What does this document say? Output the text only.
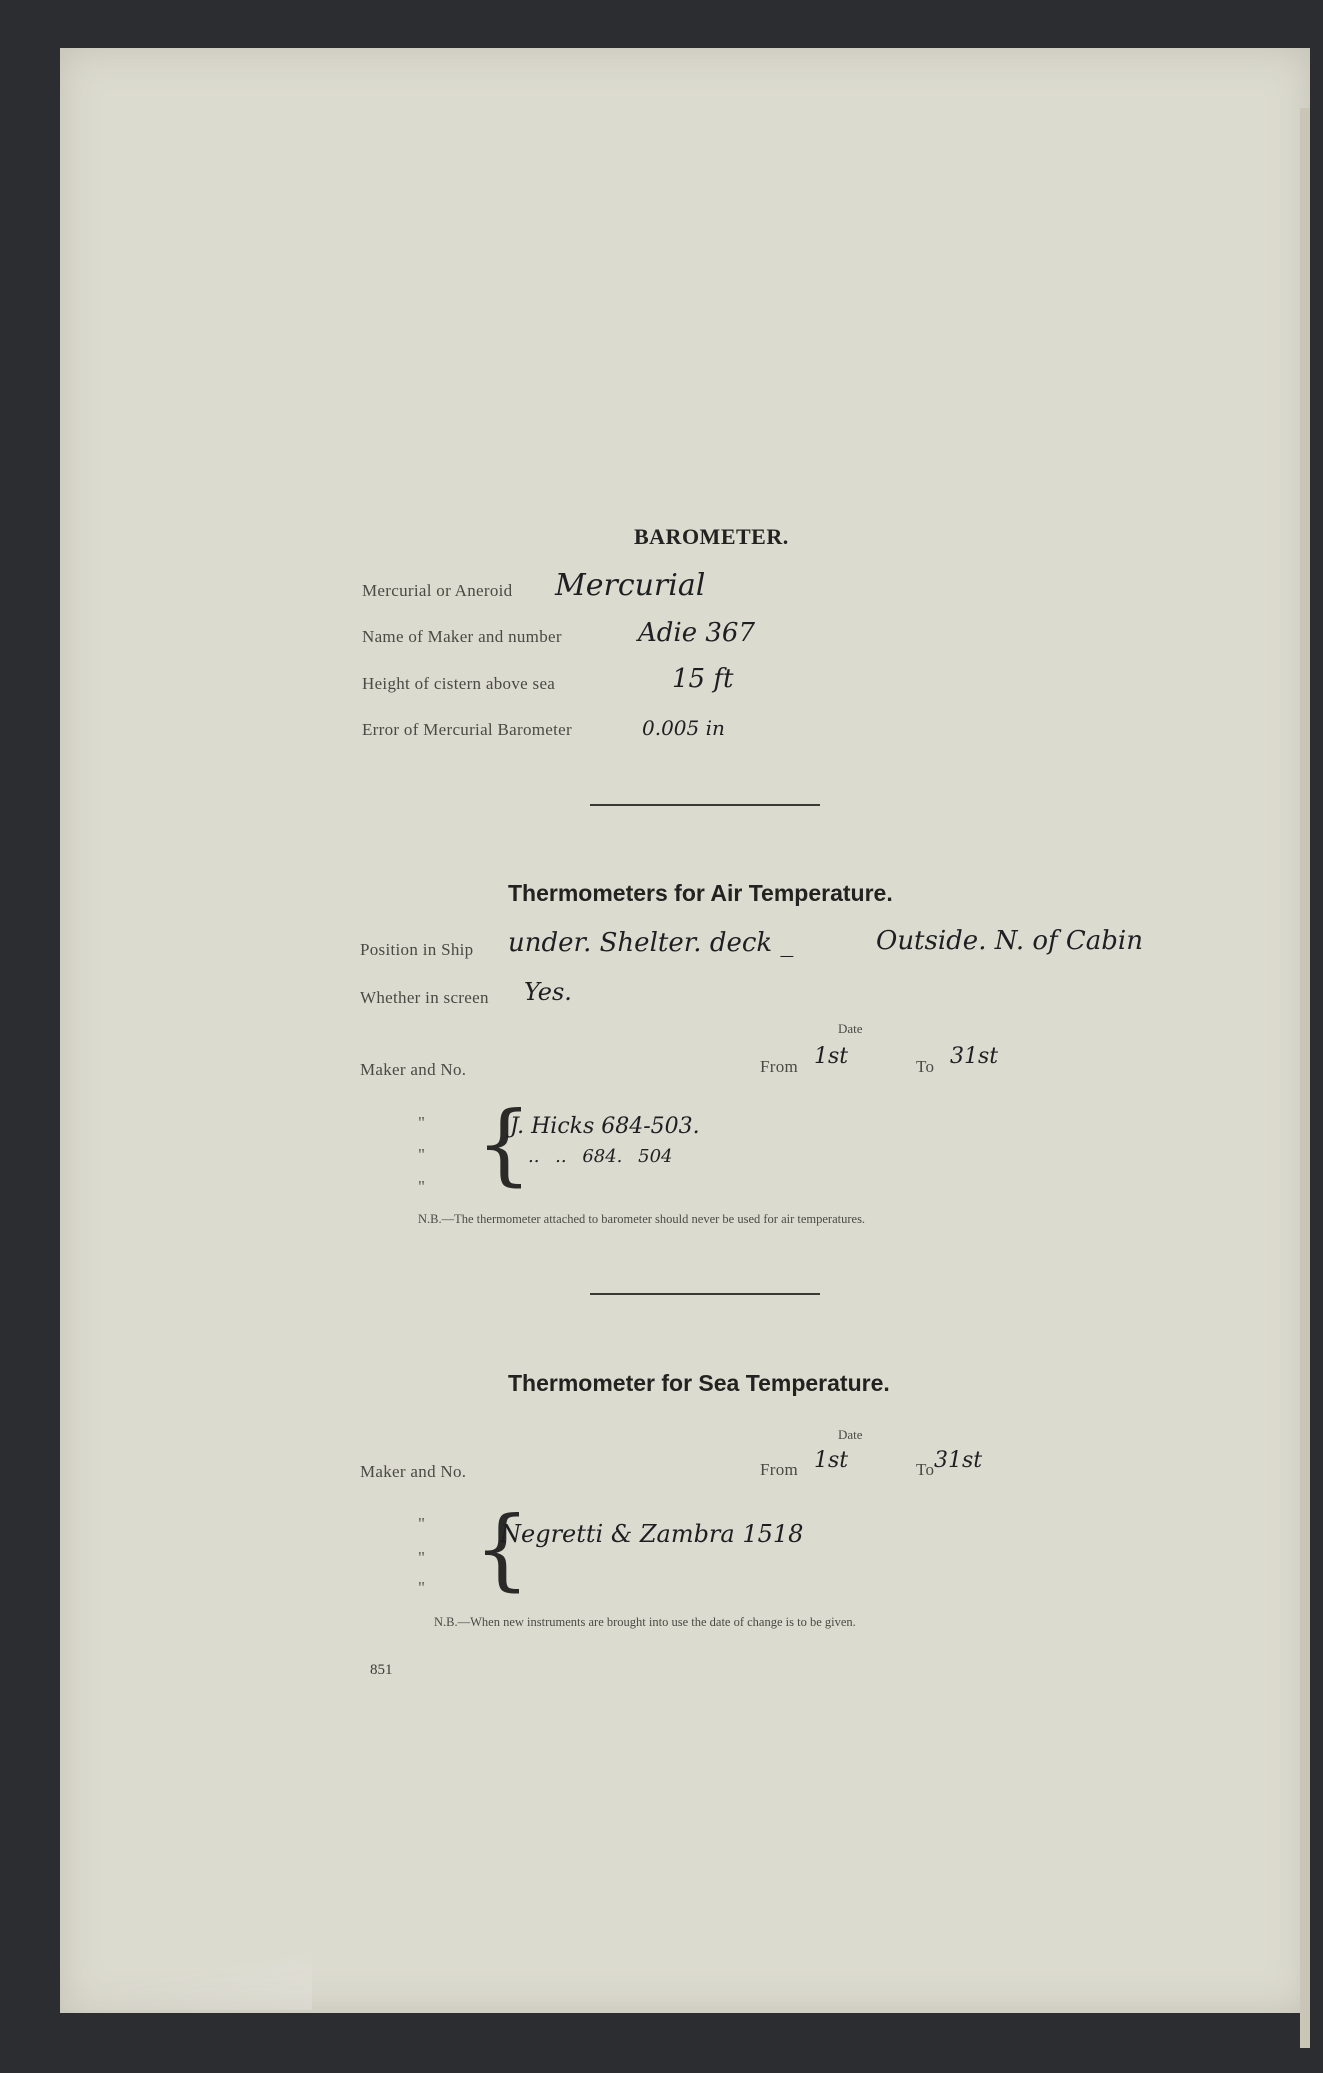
BAROMETER.
Mercurial or Aneroid Mercurial
Name of Maker and number	Adie 367
Height of cistern above sea	15 ft
Error of Mercurial Barometer	0.005 in
Thermometers for Air Temperature.
Position in Ship under. Shelter. deck _	Outside. N. of Cabin
Whether in screen Yes.
Date
Maker and No.	From 1st	To 31st
"
"
" {
J. Hicks 684-503.
.. .. 684. 504
N.B.—The thermometer attached to barometer should never be used for air temperatures.
Thermometer for Sea Temperature.
Date
Maker and No.	From 1st	To 31st
"
"
" {
Negretti & Zambra 1518
N.B.—When new instruments are brought into use the date of change is to be given.
851
